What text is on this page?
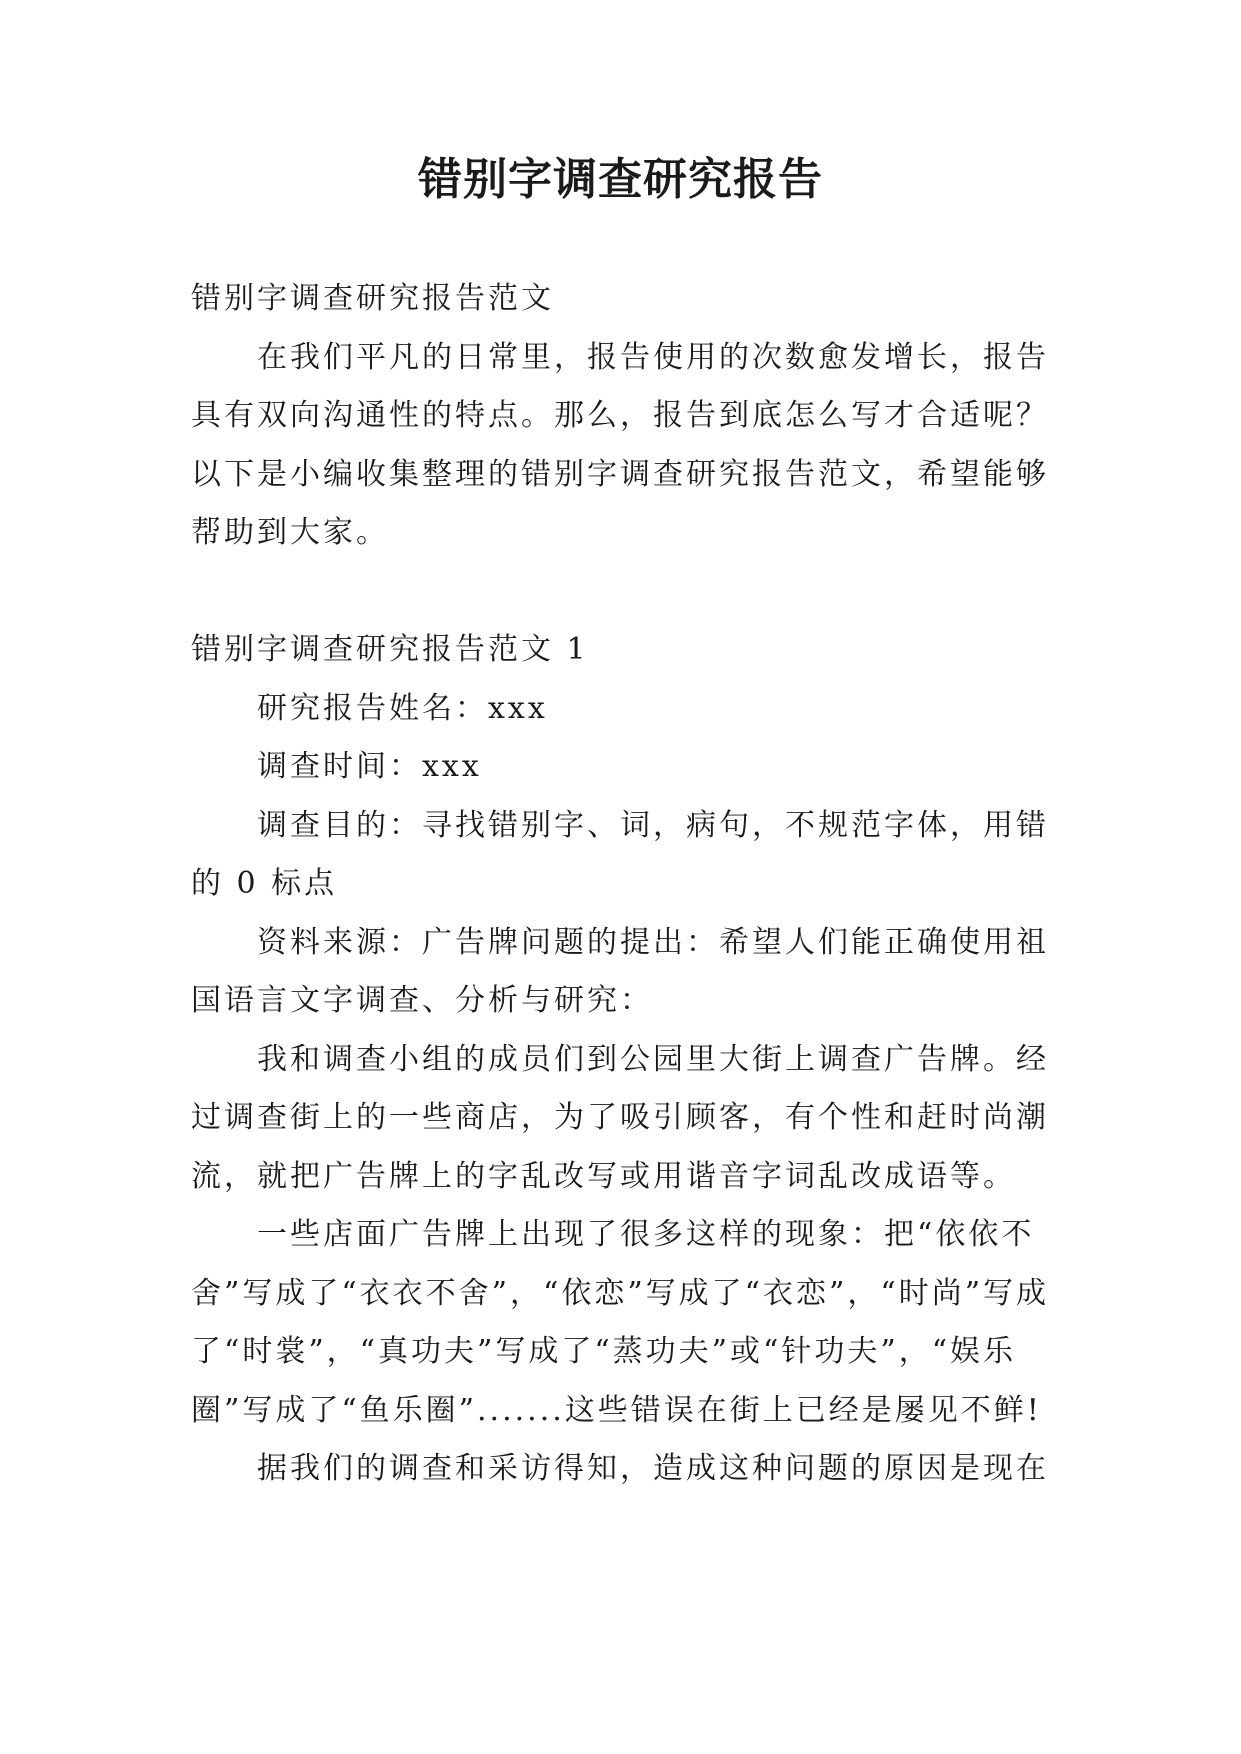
错别字调查研究报告

错别字调查研究报告范文

在我们平凡的日常里，报告使用的次数愈发增长，报告具有双向沟通性的特点。那么，报告到底怎么写才合适呢？以下是小编收集整理的错别字调查研究报告范文，希望能够帮助到大家。

错别字调查研究报告范文 1

研究报告姓名：xxx

调查时间：xxx

调查目的：寻找错别字、词，病句，不规范字体，用错的 0 标点

资料来源：广告牌问题的提出：希望人们能正确使用祖国语言文字调查、分析与研究：

我和调查小组的成员们到公园里大街上调查广告牌。经过调查街上的一些商店，为了吸引顾客，有个性和赶时尚潮流，就把广告牌上的字乱改写或用谐音字词乱改成语等。

一些店面广告牌上出现了很多这样的现象：把“依依不舍”写成了“衣衣不舍”，“依恋”写成了“衣恋”，“时尚”写成了“时裳”，“真功夫”写成了“蒸功夫”或“针功夫”，“娱乐圈”写成了“鱼乐圈”.......这些错误在街上已经是屡见不鲜!

据我们的调查和采访得知，造成这种问题的原因是现在
